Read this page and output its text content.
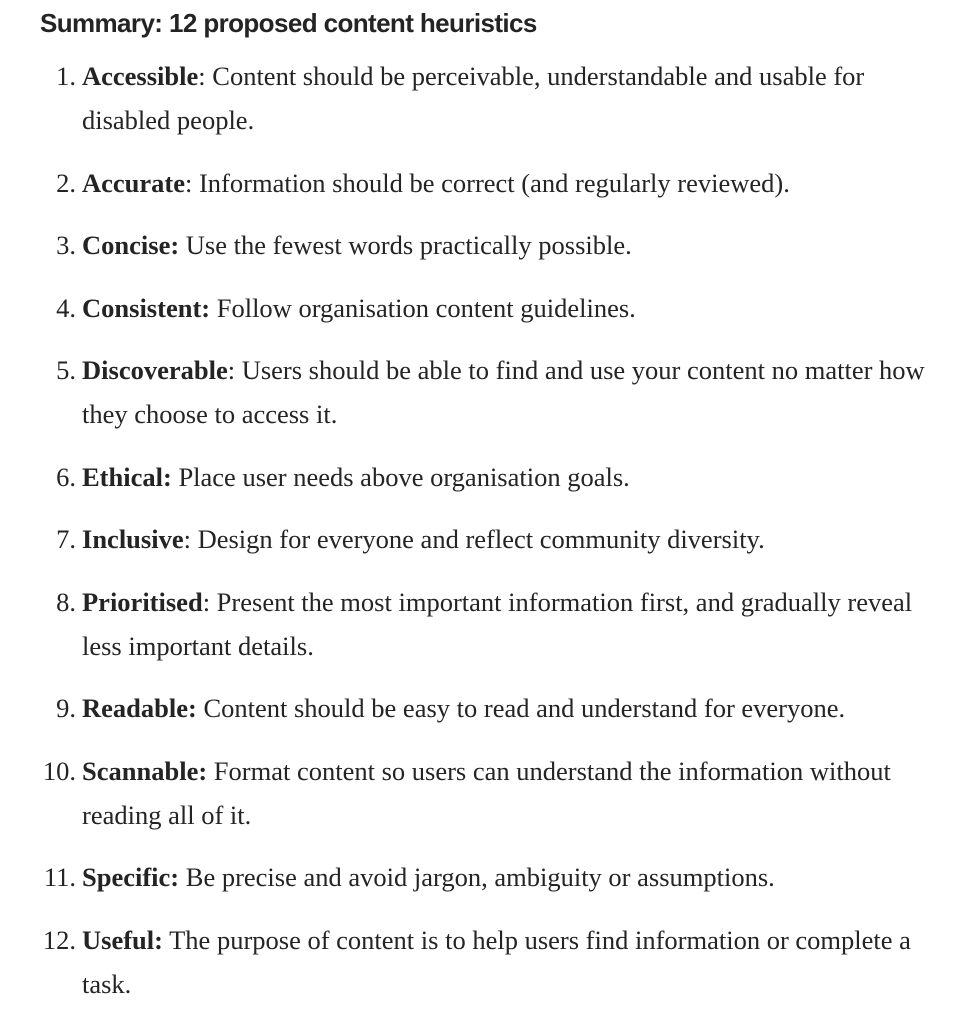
Summary: 12 proposed content heuristics
1. Accessible: Content should be perceivable, understandable and usable for disabled people.
2. Accurate: Information should be correct (and regularly reviewed).
3. Concise: Use the fewest words practically possible.
4. Consistent: Follow organisation content guidelines.
5. Discoverable: Users should be able to find and use your content no matter how they choose to access it.
6. Ethical: Place user needs above organisation goals.
7. Inclusive: Design for everyone and reflect community diversity.
8. Prioritised: Present the most important information first, and gradually reveal less important details.
9. Readable: Content should be easy to read and understand for everyone.
10. Scannable: Format content so users can understand the information without reading all of it.
11. Specific: Be precise and avoid jargon, ambiguity or assumptions.
12. Useful: The purpose of content is to help users find information or complete a task.
